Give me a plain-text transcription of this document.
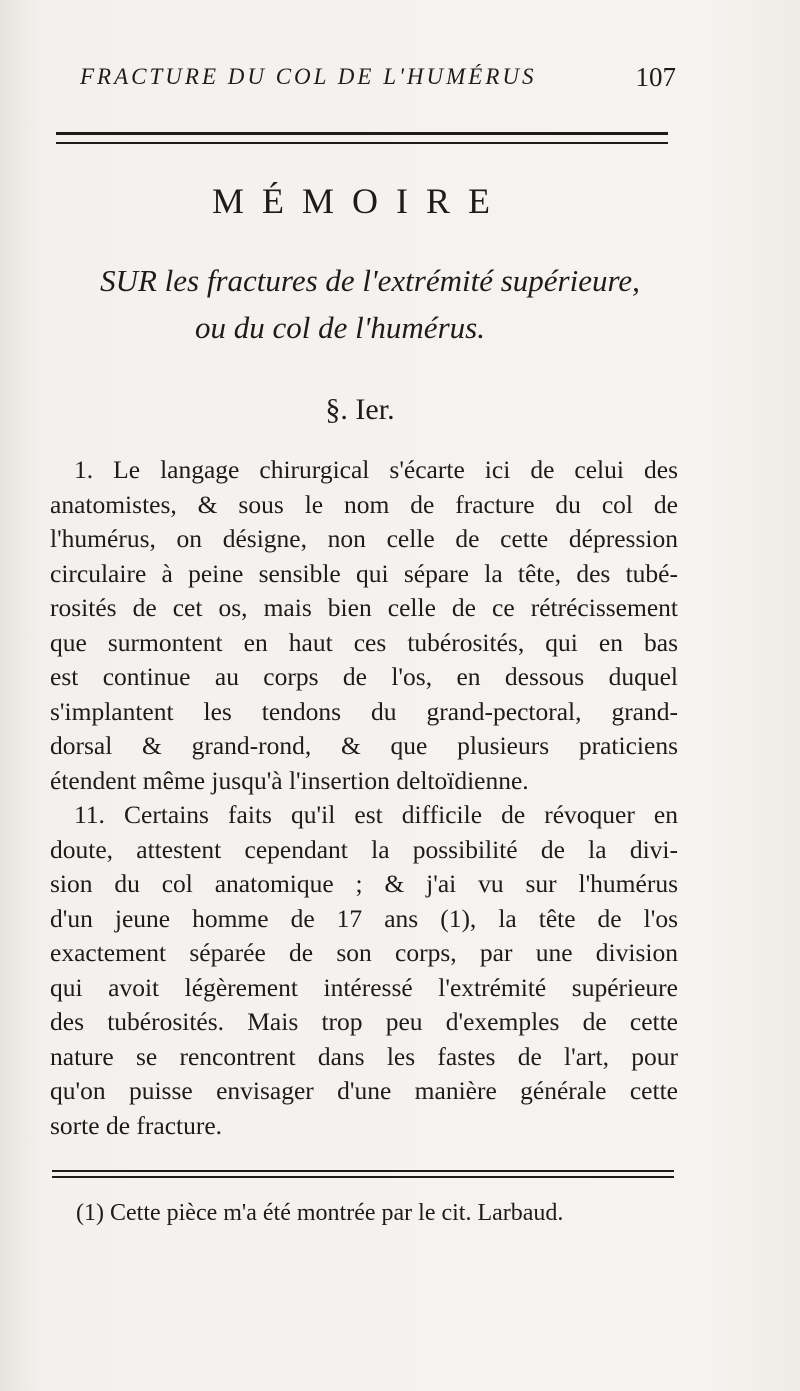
FRACTURE DU COL DE L'HUMÉRUS	107
MÉMOIRE
SUR les fractures de l'extrémité supérieure,
ou du col de l'humérus.
§. Ier.
1. Le langage chirurgical s'écarte ici de celui des
anatomistes, & sous le nom de fracture du col de
l'humérus, on désigne, non celle de cette dépression
circulaire à peine sensible qui sépare la tête, des tubé-
rosités de cet os, mais bien celle de ce rétrécissement
que surmontent en haut ces tubérosités, qui en bas
est continue au corps de l'os, en dessous duquel
s'implantent les tendons du grand-pectoral, grand-
dorsal & grand-rond, & que plusieurs praticiens
étendent même jusqu'à l'insertion deltoïdienne.
11. Certains faits qu'il est difficile de révoquer en
doute, attestent cependant la possibilité de la divi-
sion du col anatomique ; & j'ai vu sur l'humérus
d'un jeune homme de 17 ans (1), la tête de l'os
exactement séparée de son corps, par une division
qui avoit légèrement intéressé l'extrémité supérieure
des tubérosités. Mais trop peu d'exemples de cette
nature se rencontrent dans les fastes de l'art, pour
qu'on puisse envisager d'une manière générale cette
sorte de fracture.
(1) Cette pièce m'a été montrée par le cit. Larbaud.
